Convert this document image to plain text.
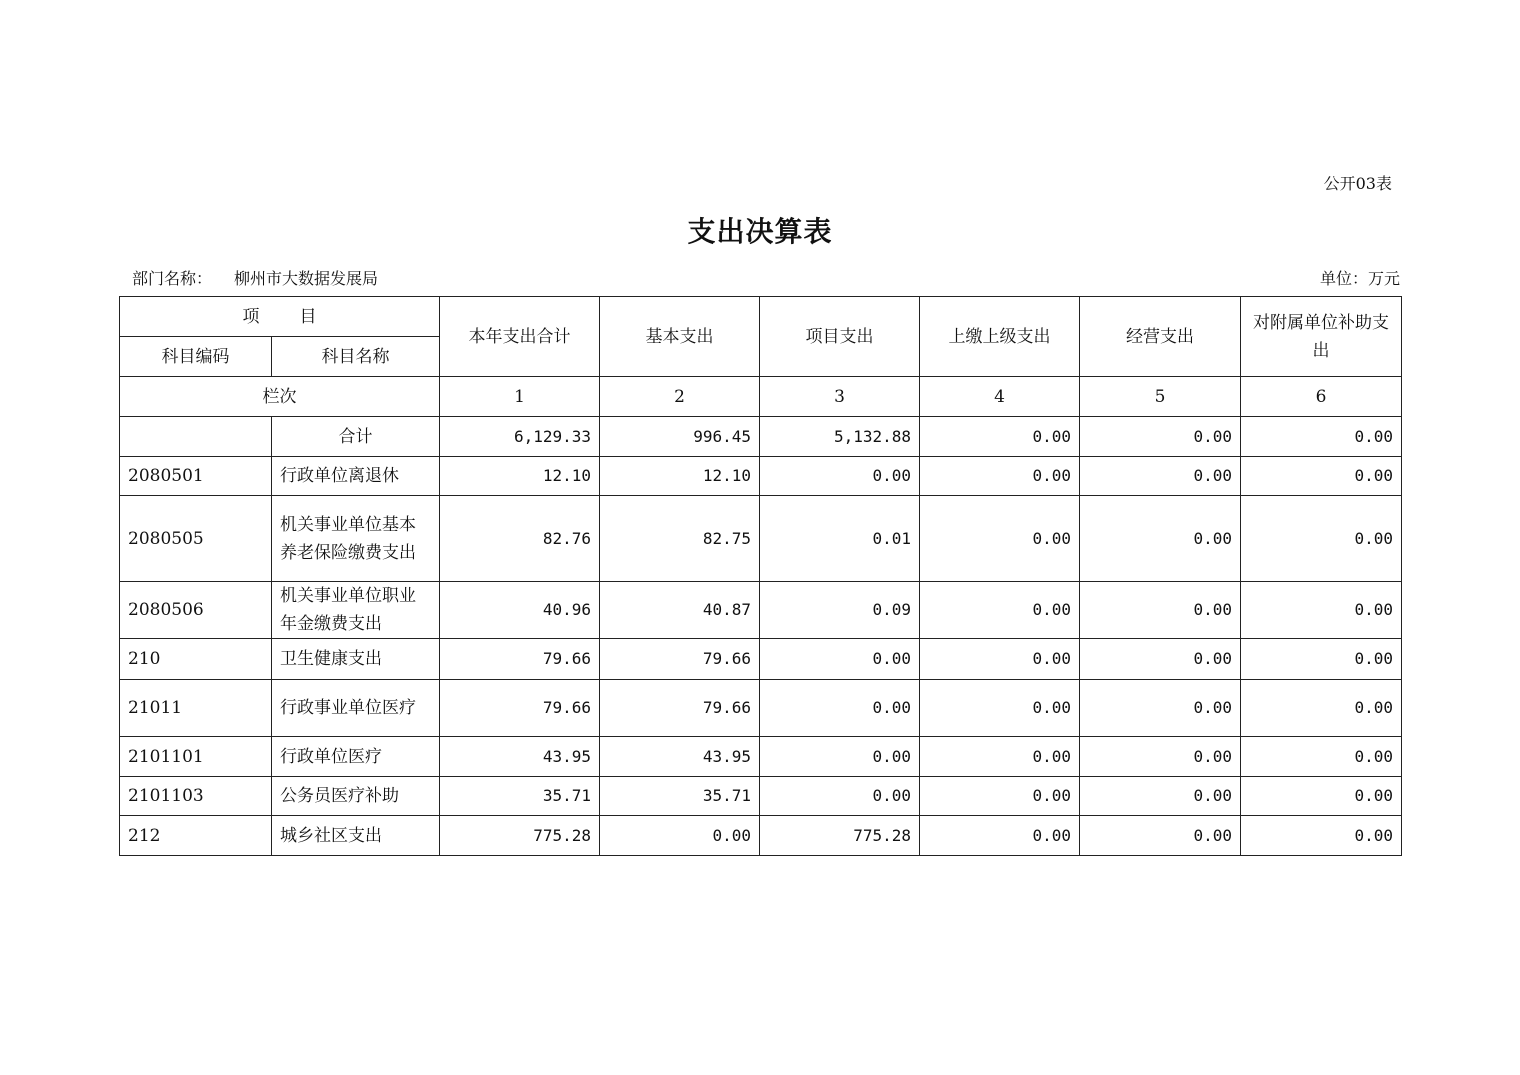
公开03表
支出决算表
部门名称： 柳州市大数据发展局	单位：万元
项 目		本年支出合计	基本支出	项目支出	上缴上级支出	经营支出	对附属单位补助支出
科目编码	科目名称						
栏次		1	2	3	4	5	6
	合计	6,129.33	996.45	5,132.88	0.00	0.00	0.00
2080501	行政单位离退休	12.10	12.10	0.00	0.00	0.00	0.00
2080505	机关事业单位基本养老保险缴费支出	82.76	82.75	0.01	0.00	0.00	0.00
2080506	机关事业单位职业年金缴费支出	40.96	40.87	0.09	0.00	0.00	0.00
210	卫生健康支出	79.66	79.66	0.00	0.00	0.00	0.00
21011	行政事业单位医疗	79.66	79.66	0.00	0.00	0.00	0.00
2101101	行政单位医疗	43.95	43.95	0.00	0.00	0.00	0.00
2101103	公务员医疗补助	35.71	35.71	0.00	0.00	0.00	0.00
212	城乡社区支出	775.28	0.00	775.28	0.00	0.00	0.00
